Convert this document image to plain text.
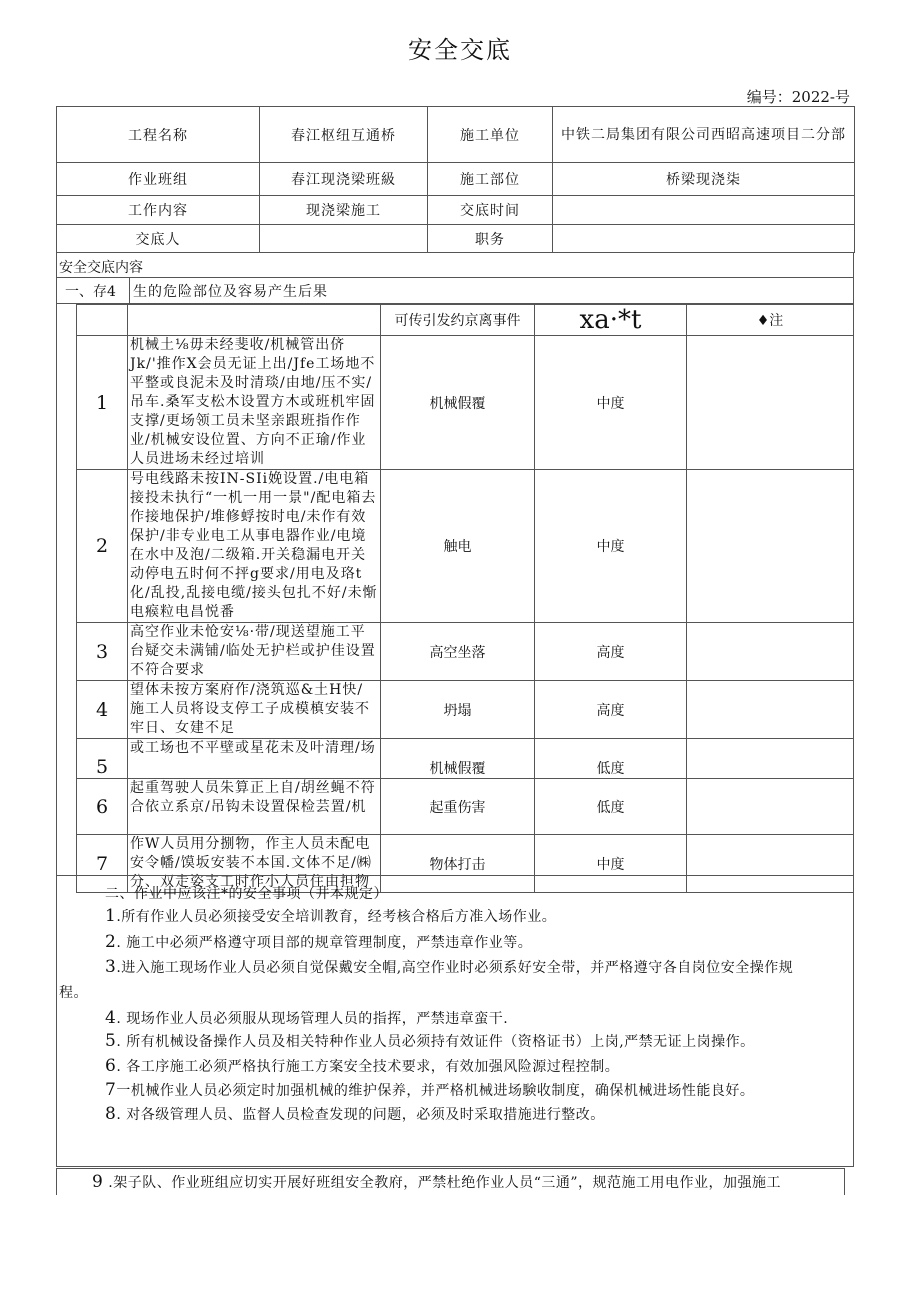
安全交底
编号：2022-号
工程名称	春江枢纽互通桥	施工单位	中铁二局集团有限公司西昭高速项目二分部
作业班组	春江现浇梁班級	施工部位	桥梁现浇柒
工作内容	现浇梁施工	交底时间	
交底人		职务	
安全交底内容
一、存4 生的危险部位及容易产生后果
		可传引发约京离事件	xa·*t	♦注
1	机械土⅛毋未经斐收/机械管出侪Jk/'推作X会员无证上出/Jfe工场地不平整或良泥未及时清琰/由地/压不实/吊车.桑军支松木设置方木或班机牢固支撑/更场领工员未坚亲跟班指作作业/机械安设位置、方向不正瑜/作业人员进场未经过培训	机械假覆	中度	
2	号电线路未按IN-SIi娩设置./电电箱接投未执行“一机一用一景"/配电箱去作接地保护/堆修蜉按时电/未作有效保护/非专业电工从事电器作业/电境在水中及泡/二级箱.开关稳漏电开关动停电五时何不抨g要求/用电及珞t化/乱投,乱接电缆/接头包扎不好/未惭电瘊粒电昌悦番	触电	中度	
3	高空作业未怆安⅛·带/现送望施工平台疑交未满铺/临处无护栏或护佳设置不符合要求	高空坐落	高度	
4	望体未按方案府作/浇筑巡&土H快/施工人员将设支停工子成模槙安装不牢日、女建不足	坍塌	高度	
5	或工场也不平壁或星花未及叶清理/场	机械假覆	低度	
6	起重驾驶人员朱算正上自/胡丝蝇不符合依立系京/吊钩未设置保检芸置/机	起重伤害	低度	
7	作W人员用分捌物，作主人员未配电安令幡/馍坂安装不本国.文体不足/㈱分、双走姿支工时作小人员住由担物	物体打击	中度	
二、作业中应该注*的安全事项（井本规定）
1.所有作业人员必须接受安全培训教育，经考核合格后方准入场作业。
2. 施工中必须严格遵守项目部的规章管理制度，严禁违章作业等。
3.进入施工现场作业人员必须自觉保戴安全帽,高空作业时必须系好安全带，并严格遵守各自岗位安全操作规
程。
4. 现场作业人员必须服从现场管理人员的指挥，严禁违章蛮干.
5. 所有机械设备操作人员及相关特种作业人员必须持有效证件（资格证书）上岗,严禁无证上岗操作。
6. 各工序施工必须严格执行施工方案安全技术要求，有效加强风险源过程控制。
7一机械作业人员必须定时加强机械的维护保养，并严格机械进场験收制度，确保机械进场性能良好。
8. 对各级管理人员、监督人员检查发现的问题，必须及时采取措施进行整改。
9 .架子队、作业班组应切实开展好班组安全教府，严禁杜绝作业人员“三通”，规范施工用电作业，加强施工
